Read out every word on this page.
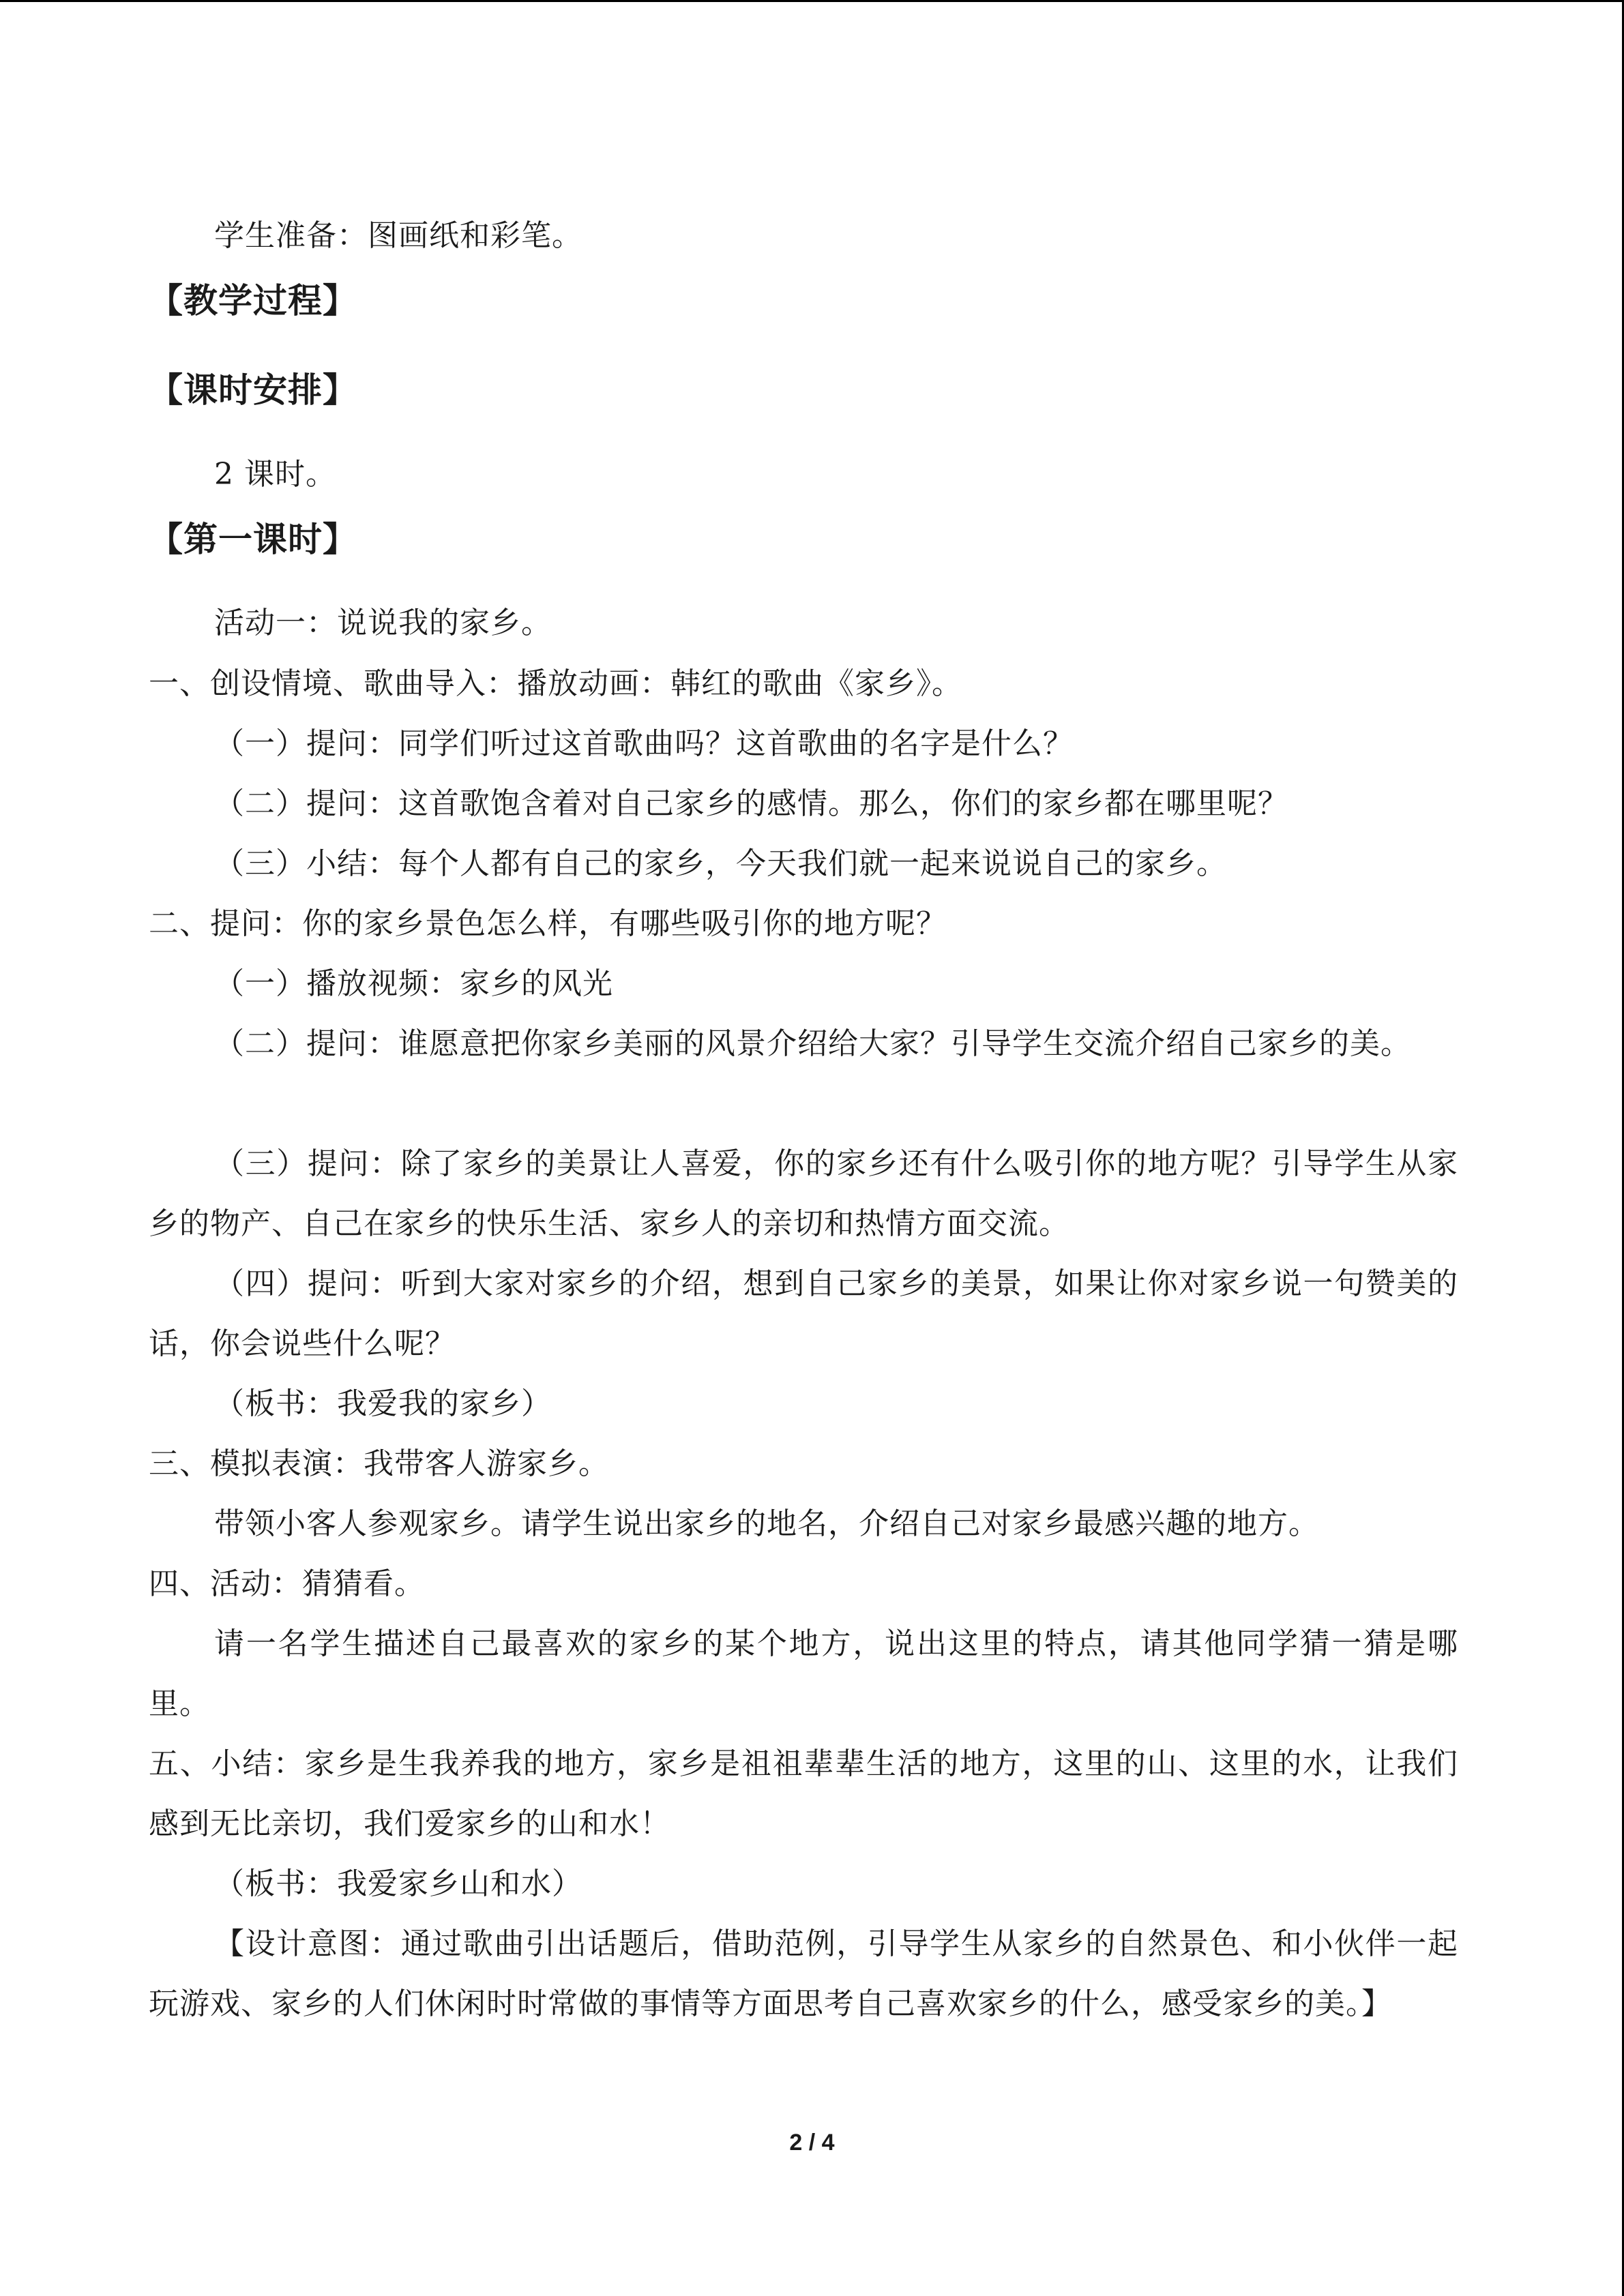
学生准备：图画纸和彩笔。
【教学过程】
【课时安排】
2 课时。
【第一课时】
活动一：说说我的家乡。
一、创设情境、歌曲导入：播放动画：韩红的歌曲《家乡》。
（一）提问：同学们听过这首歌曲吗？这首歌曲的名字是什么？
（二）提问：这首歌饱含着对自己家乡的感情。那么，你们的家乡都在哪里呢？
（三）小结：每个人都有自己的家乡，今天我们就一起来说说自己的家乡。
二、提问：你的家乡景色怎么样，有哪些吸引你的地方呢？
（一）播放视频：家乡的风光
（二）提问：谁愿意把你家乡美丽的风景介绍给大家？引导学生交流介绍自己家乡的美。
（三）提问：除了家乡的美景让人喜爱，你的家乡还有什么吸引你的地方呢？引导学生从家乡的物产、自己在家乡的快乐生活、家乡人的亲切和热情方面交流。
（四）提问：听到大家对家乡的介绍，想到自己家乡的美景，如果让你对家乡说一句赞美的话，你会说些什么呢？
（板书：我爱我的家乡）
三、模拟表演：我带客人游家乡。
带领小客人参观家乡。请学生说出家乡的地名，介绍自己对家乡最感兴趣的地方。
四、活动：猜猜看。
请一名学生描述自己最喜欢的家乡的某个地方，说出这里的特点，请其他同学猜一猜是哪里。
五、小结：家乡是生我养我的地方，家乡是祖祖辈辈生活的地方，这里的山、这里的水，让我们感到无比亲切，我们爱家乡的山和水！
（板书：我爱家乡山和水）
【设计意图：通过歌曲引出话题后，借助范例，引导学生从家乡的自然景色、和小伙伴一起玩游戏、家乡的人们休闲时时常做的事情等方面思考自己喜欢家乡的什么，感受家乡的美。】
2 / 4
